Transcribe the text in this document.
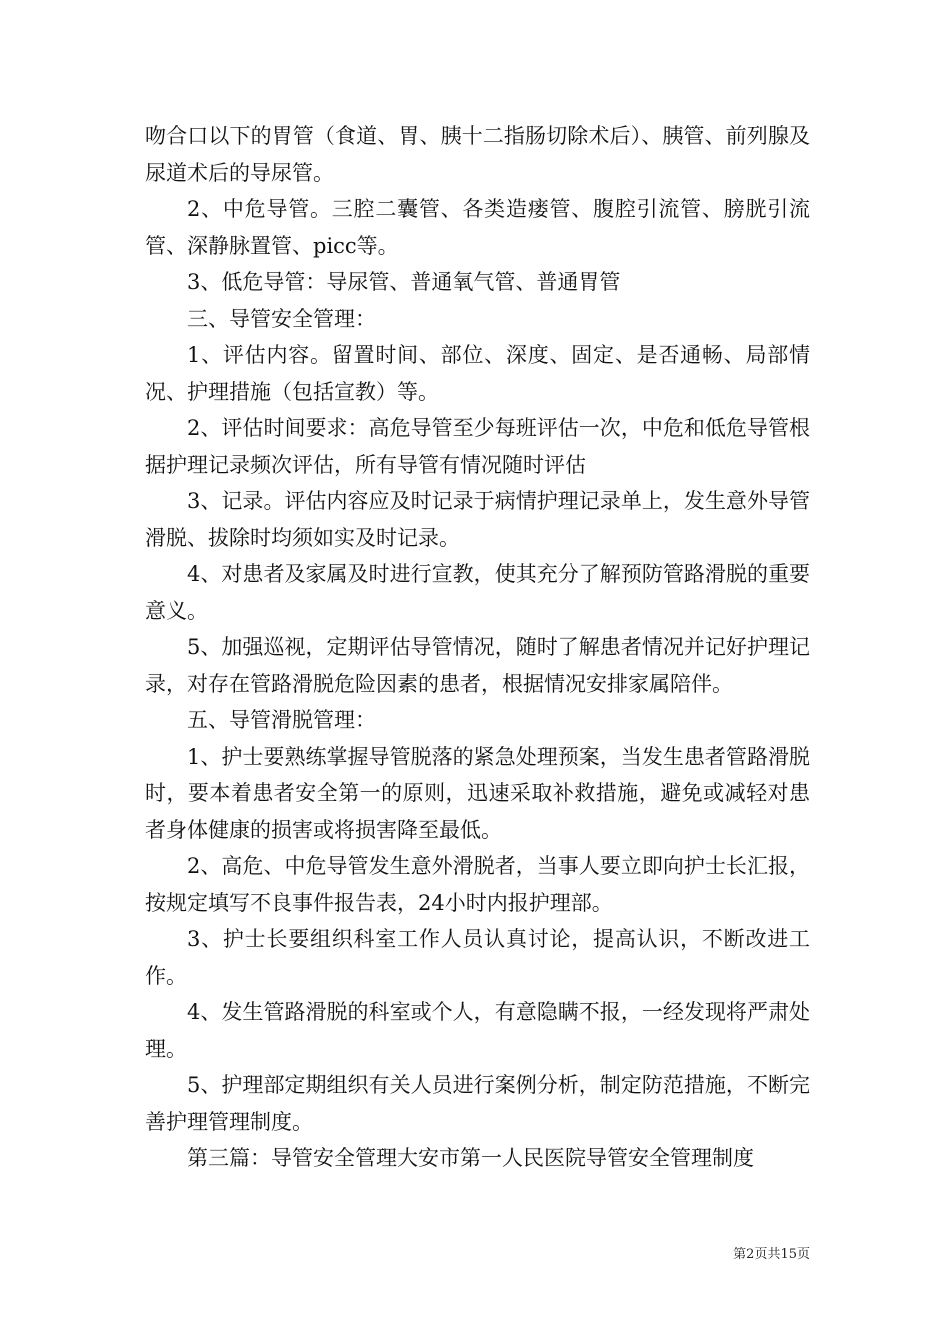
吻合口以下的胃管（食道、胃、胰十二指肠切除术后）、胰管、前列腺及尿道术后的导尿管。

2、中危导管。三腔二囊管、各类造瘘管、腹腔引流管、膀胱引流管、深静脉置管、picc等。

3、低危导管：导尿管、普通氧气管、普通胃管

三、导管安全管理：

1、评估内容。留置时间、部位、深度、固定、是否通畅、局部情况、护理措施（包括宣教）等。

2、评估时间要求：高危导管至少每班评估一次，中危和低危导管根据护理记录频次评估，所有导管有情况随时评估

3、记录。评估内容应及时记录于病情护理记录单上，发生意外导管滑脱、拔除时均须如实及时记录。

4、对患者及家属及时进行宣教，使其充分了解预防管路滑脱的重要意义。

5、加强巡视，定期评估导管情况，随时了解患者情况并记好护理记录，对存在管路滑脱危险因素的患者，根据情况安排家属陪伴。

五、导管滑脱管理：

1、护士要熟练掌握导管脱落的紧急处理预案，当发生患者管路滑脱时，要本着患者安全第一的原则，迅速采取补救措施，避免或减轻对患者身体健康的损害或将损害降至最低。

2、高危、中危导管发生意外滑脱者，当事人要立即向护士长汇报，按规定填写不良事件报告表，24小时内报护理部。

3、护士长要组织科室工作人员认真讨论，提高认识，不断改进工作。

4、发生管路滑脱的科室或个人，有意隐瞒不报，一经发现将严肃处理。

5、护理部定期组织有关人员进行案例分析，制定防范措施，不断完善护理管理制度。

第三篇：导管安全管理大安市第一人民医院导管安全管理制度

第2页共15页
